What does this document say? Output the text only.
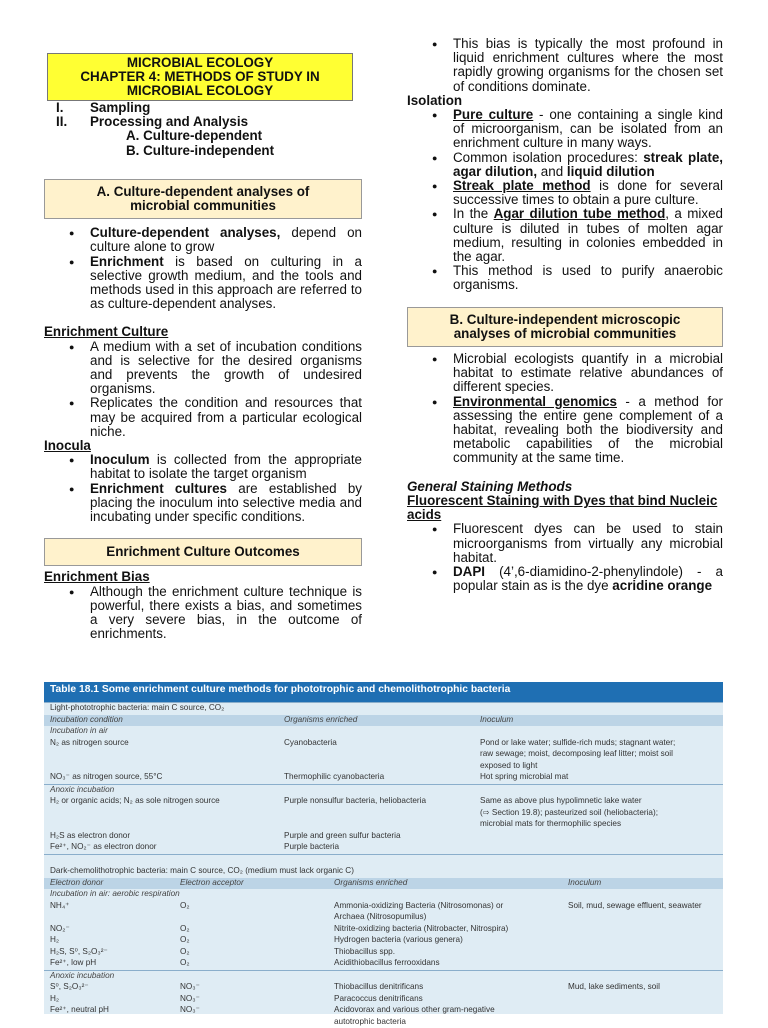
MICROBIAL ECOLOGY
CHAPTER 4: METHODS OF STUDY IN
MICROBIAL ECOLOGY
I.	Sampling
II.	Processing and Analysis
A. Culture-dependent
B. Culture-independent
A. Culture-dependent analyses of
microbial communities
● Culture-dependent analyses, depend on culture alone to grow
● Enrichment is based on culturing in a selective growth medium, and the tools and methods used in this approach are referred to as culture-dependent analyses.
Enrichment Culture
● A medium with a set of incubation conditions and is selective for the desired organisms and prevents the growth of undesired organisms.
● Replicates the condition and resources that may be acquired from a particular ecological niche.
Inocula
● Inoculum is collected from the appropriate habitat to isolate the target organism
● Enrichment cultures are established by placing the inoculum into selective media and incubating under specific conditions.
Enrichment Culture Outcomes
Enrichment Bias
● Although the enrichment culture technique is powerful, there exists a bias, and sometimes a very severe bias, in the outcome of enrichments.
● This bias is typically the most profound in liquid enrichment cultures where the most rapidly growing organisms for the chosen set of conditions dominate.
Isolation
● Pure culture - one containing a single kind of microorganism, can be isolated from an enrichment culture in many ways.
● Common isolation procedures: streak plate, agar dilution, and liquid dilution
● Streak plate method is done for several successive times to obtain a pure culture.
● In the Agar dilution tube method, a mixed culture is diluted in tubes of molten agar medium, resulting in colonies embedded in the agar.
● This method is used to purify anaerobic organisms.
B. Culture-independent microscopic
analyses of microbial communities
● Microbial ecologists quantify in a microbial habitat to estimate relative abundances of different species.
● Environmental genomics - a method for assessing the entire gene complement of a habitat, revealing both the biodiversity and metabolic capabilities of the microbial community at the same time.
General Staining Methods
Fluorescent Staining with Dyes that bind Nucleic acids
● Fluorescent dyes can be used to stain microorganisms from virtually any microbial habitat.
● DAPI (4’,6-diamidino-2-phenylindole) - a popular stain as is the dye acridine orange
Table 18.1 Some enrichment culture methods for phototrophic and chemolithotrophic bacteria
Light-phototrophic bacteria: main C source, CO₂
Incubation condition	Organisms enriched	Inoculum
Incubation in air
N₂ as nitrogen source	Cyanobacteria	Pond or lake water; sulfide-rich muds; stagnant water;
raw sewage; moist, decomposing leaf litter; moist soil
exposed to light
NO₃⁻ as nitrogen source, 55°C	Thermophilic cyanobacteria	Hot spring microbial mat
Anoxic incubation
H₂ or organic acids; N₂ as sole nitrogen source	Purple nonsulfur bacteria, heliobacteria	Same as above plus hypolimnetic lake water
(⇨ Section 19.8); pasteurized soil (heliobacteria);
microbial mats for thermophilic species
H₂S as electron donor	Purple and green sulfur bacteria
Fe²⁺, NO₂⁻ as electron donor	Purple bacteria
Dark-chemolithotrophic bacteria: main C source, CO₂ (medium must lack organic C)
Electron donor	Electron acceptor	Organisms enriched	Inoculum
Incubation in air: aerobic respiration
NH₄⁺	O₂	Ammonia-oxidizing Bacteria (Nitrosomonas) or	Soil, mud, sewage effluent, seawater
Archaea (Nitrosopumilus)
NO₂⁻	O₂	Nitrite-oxidizing bacteria (Nitrobacter, Nitrospira)
H₂	O₂	Hydrogen bacteria (various genera)
H₂S, S⁰, S₂O₃²⁻	O₂	Thiobacillus spp.
Fe²⁺, low pH	O₂	Acidithiobacillus ferrooxidans
Anoxic incubation
S⁰, S₂O₃²⁻	NO₃⁻	Thiobacillus denitrificans	Mud, lake sediments, soil
H₂	NO₃⁻	Paracoccus denitrificans
Fe²⁺, neutral pH	NO₃⁻	Acidovorax and various other gram-negative
autotrophic bacteria
